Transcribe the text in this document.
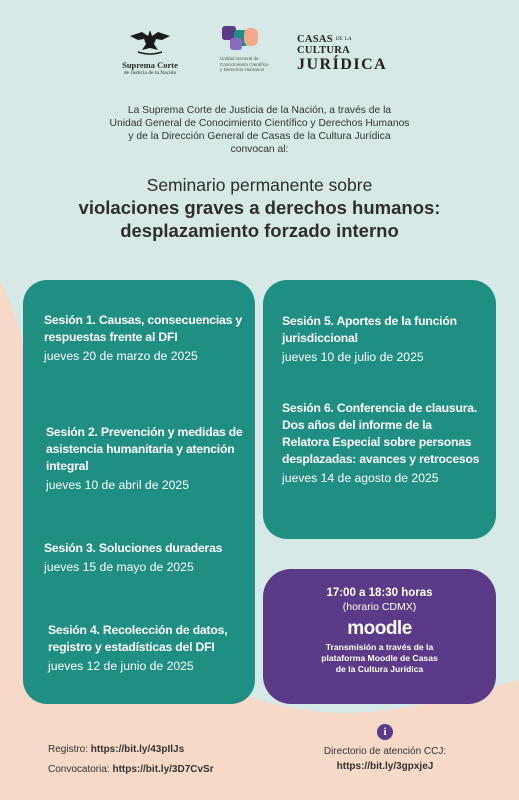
Suprema Corte
de Justicia de la Nación
Unidad General de
Conocimiento Científico
y Derechos Humanos
CASAS DE LA CULTURA
JURÍDICA
La Suprema Corte de Justicia de la Nación, a través de la
Unidad General de Conocimiento Científico y Derechos Humanos
y de la Dirección General de Casas de la Cultura Jurídica
convocan al:
Seminario permanente sobre
violaciones graves a derechos humanos:
desplazamiento forzado interno
Sesión 1. Causas, consecuencias y respuestas frente al DFI
jueves 20 de marzo de 2025
Sesión 2. Prevención y medidas de asistencia humanitaria y atención integral
jueves 10 de abril de 2025
Sesión 3. Soluciones duraderas
jueves 15 de mayo de 2025
Sesión 4. Recolección de datos, registro y estadísticas del DFI
jueves 12 de junio de 2025
Sesión 5. Aportes de la función jurisdiccional
jueves 10 de julio de 2025
Sesión 6. Conferencia de clausura. Dos años del informe de la Relatora Especial sobre personas desplazadas: avances y retrocesos
jueves 14 de agosto de 2025
17:00 a 18:30 horas
(horario CDMX)
moodle
Transmisión a través de la
plataforma Moodle de Casas
de la Cultura Jurídica
Registro: https://bit.ly/43pIlJs
Convocatoria: https://bit.ly/3D7CvSr
i
Directorio de atención CCJ:
https://bit.ly/3gpxjeJ
